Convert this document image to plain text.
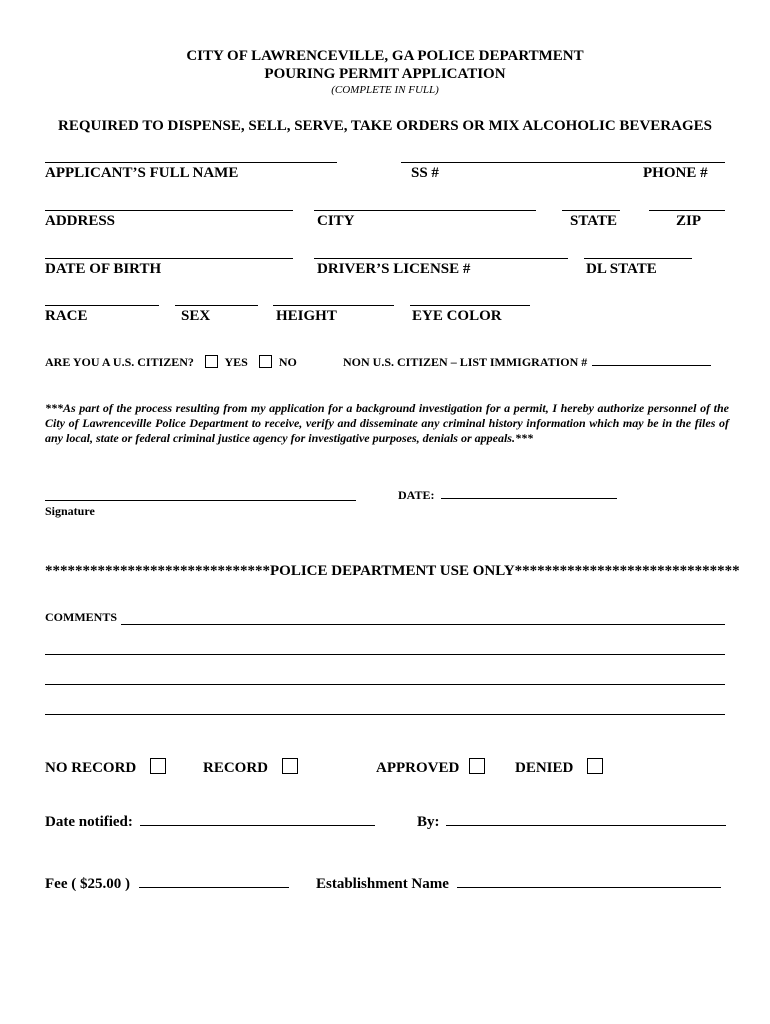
CITY OF LAWRENCEVILLE, GA POLICE DEPARTMENT
POURING PERMIT APPLICATION
(COMPLETE IN FULL)
REQUIRED TO DISPENSE, SELL, SERVE, TAKE ORDERS OR MIX ALCOHOLIC BEVERAGES
APPLICANT’S FULL NAME	SS #	PHONE #
ADDRESS	CITY	STATE	ZIP
DATE OF BIRTH	DRIVER’S LICENSE #	DL STATE
RACE	SEX	HEIGHT	EYE COLOR
ARE YOU A U.S. CITIZEN?	YES	NO	NON U.S. CITIZEN – LIST IMMIGRATION #
***As part of the process resulting from my application for a background investigation for a permit, I hereby authorize personnel of the City of Lawrenceville Police Department to receive, verify and disseminate any criminal history information which may be in the files of any local, state or federal criminal justice agency for investigative purposes, denials or appeals.***
Signature
DATE:
******************************POLICE DEPARTMENT USE ONLY******************************
COMMENTS
NO RECORD	RECORD	APPROVED	DENIED
Date notified:	By:
Fee ( $25.00 )	Establishment Name
